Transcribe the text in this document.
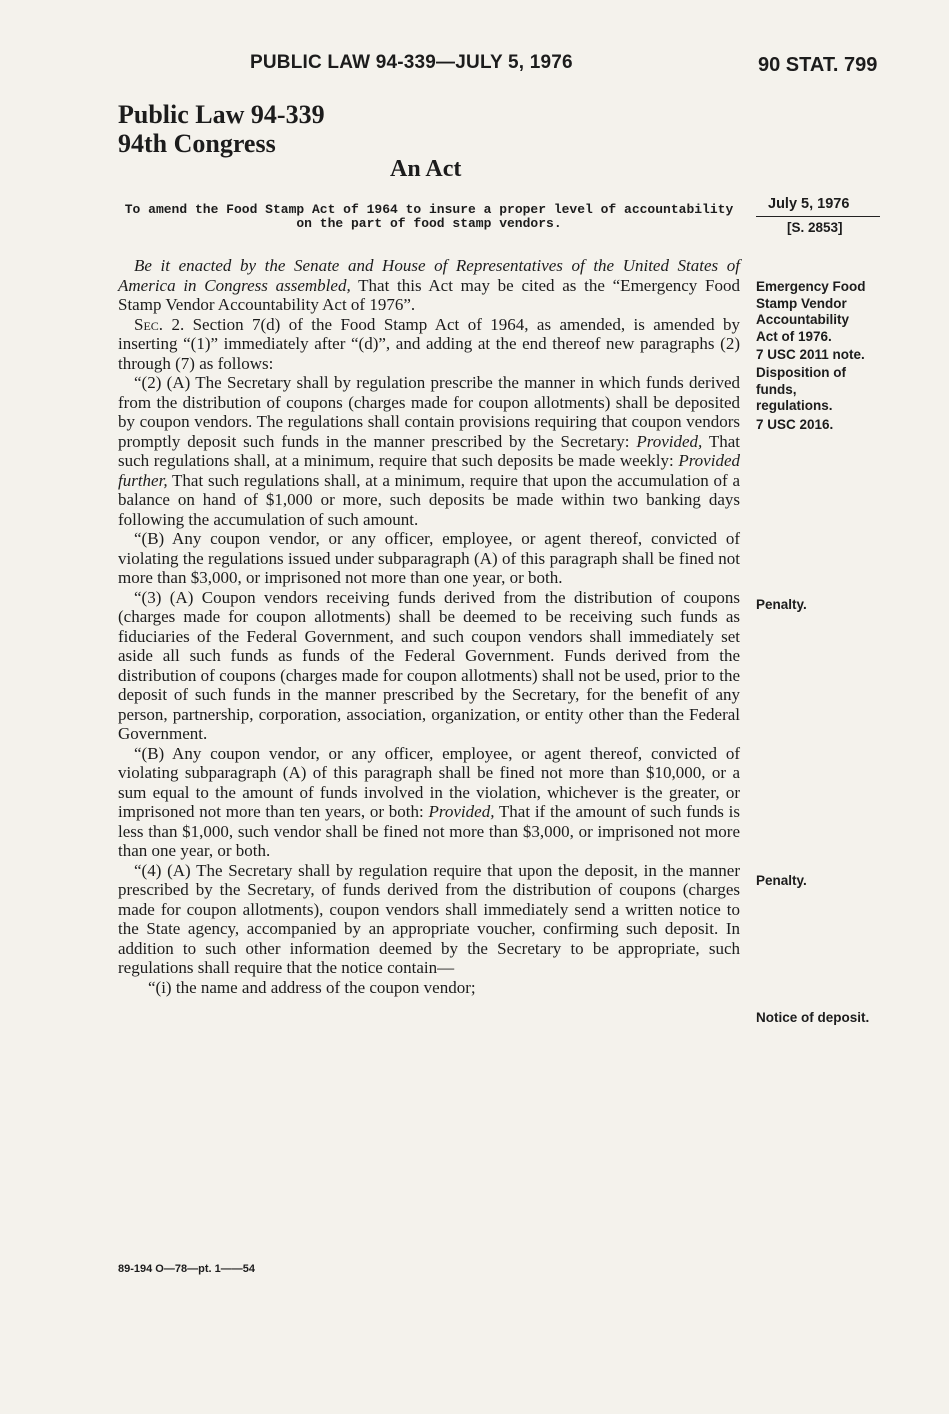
PUBLIC LAW 94-339—JULY 5, 1976	90 STAT. 799
Public Law 94-339
94th Congress
An Act
To amend the Food Stamp Act of 1964 to insure a proper level of accountability on the part of food stamp vendors.
July 5, 1976
[S. 2853]

Be it enacted by the Senate and House of Representatives of the United States of America in Congress assembled, That this Act may be cited as the “Emergency Food Stamp Vendor Accountability Act of 1976”.

Sec. 2. Section 7(d) of the Food Stamp Act of 1964, as amended, is amended by inserting “(1)” immediately after “(d)”, and adding at the end thereof new paragraphs (2) through (7) as follows:

“(2) (A) The Secretary shall by regulation prescribe the manner in which funds derived from the distribution of coupons (charges made for coupon allotments) shall be deposited by coupon vendors. The regulations shall contain provisions requiring that coupon vendors promptly deposit such funds in the manner prescribed by the Secretary: Provided, That such regulations shall, at a minimum, require that such deposits be made weekly: Provided further, That such regulations shall, at a minimum, require that upon the accumulation of a balance on hand of $1,000 or more, such deposits be made within two banking days following the accumulation of such amount.

“(B) Any coupon vendor, or any officer, employee, or agent thereof, convicted of violating the regulations issued under subparagraph (A) of this paragraph shall be fined not more than $3,000, or imprisoned not more than one year, or both.

“(3) (A) Coupon vendors receiving funds derived from the distribution of coupons (charges made for coupon allotments) shall be deemed to be receiving such funds as fiduciaries of the Federal Government, and such coupon vendors shall immediately set aside all such funds as funds of the Federal Government. Funds derived from the distribution of coupons (charges made for coupon allotments) shall not be used, prior to the deposit of such funds in the manner prescribed by the Secretary, for the benefit of any person, partnership, corporation, association, organization, or entity other than the Federal Government.

“(B) Any coupon vendor, or any officer, employee, or agent thereof, convicted of violating subparagraph (A) of this paragraph shall be fined not more than $10,000, or a sum equal to the amount of funds involved in the violation, whichever is the greater, or imprisoned not more than ten years, or both: Provided, That if the amount of such funds is less than $1,000, such vendor shall be fined not more than $3,000, or imprisoned not more than one year, or both.

“(4) (A) The Secretary shall by regulation require that upon the deposit, in the manner prescribed by the Secretary, of funds derived from the distribution of coupons (charges made for coupon allotments), coupon vendors shall immediately send a written notice to the State agency, accompanied by an appropriate voucher, confirming such deposit. In addition to such other information deemed by the Secretary to be appropriate, such regulations shall require that the notice contain—

“(i) the name and address of the coupon vendor;

Emergency Food
Stamp Vendor
Accountability
Act of 1976.
7 USC 2011 note.
Disposition of
funds,
regulations.
7 USC 2016.
Penalty.
Penalty.
Notice of deposit.
89-194 O—78—pt. 1——54
